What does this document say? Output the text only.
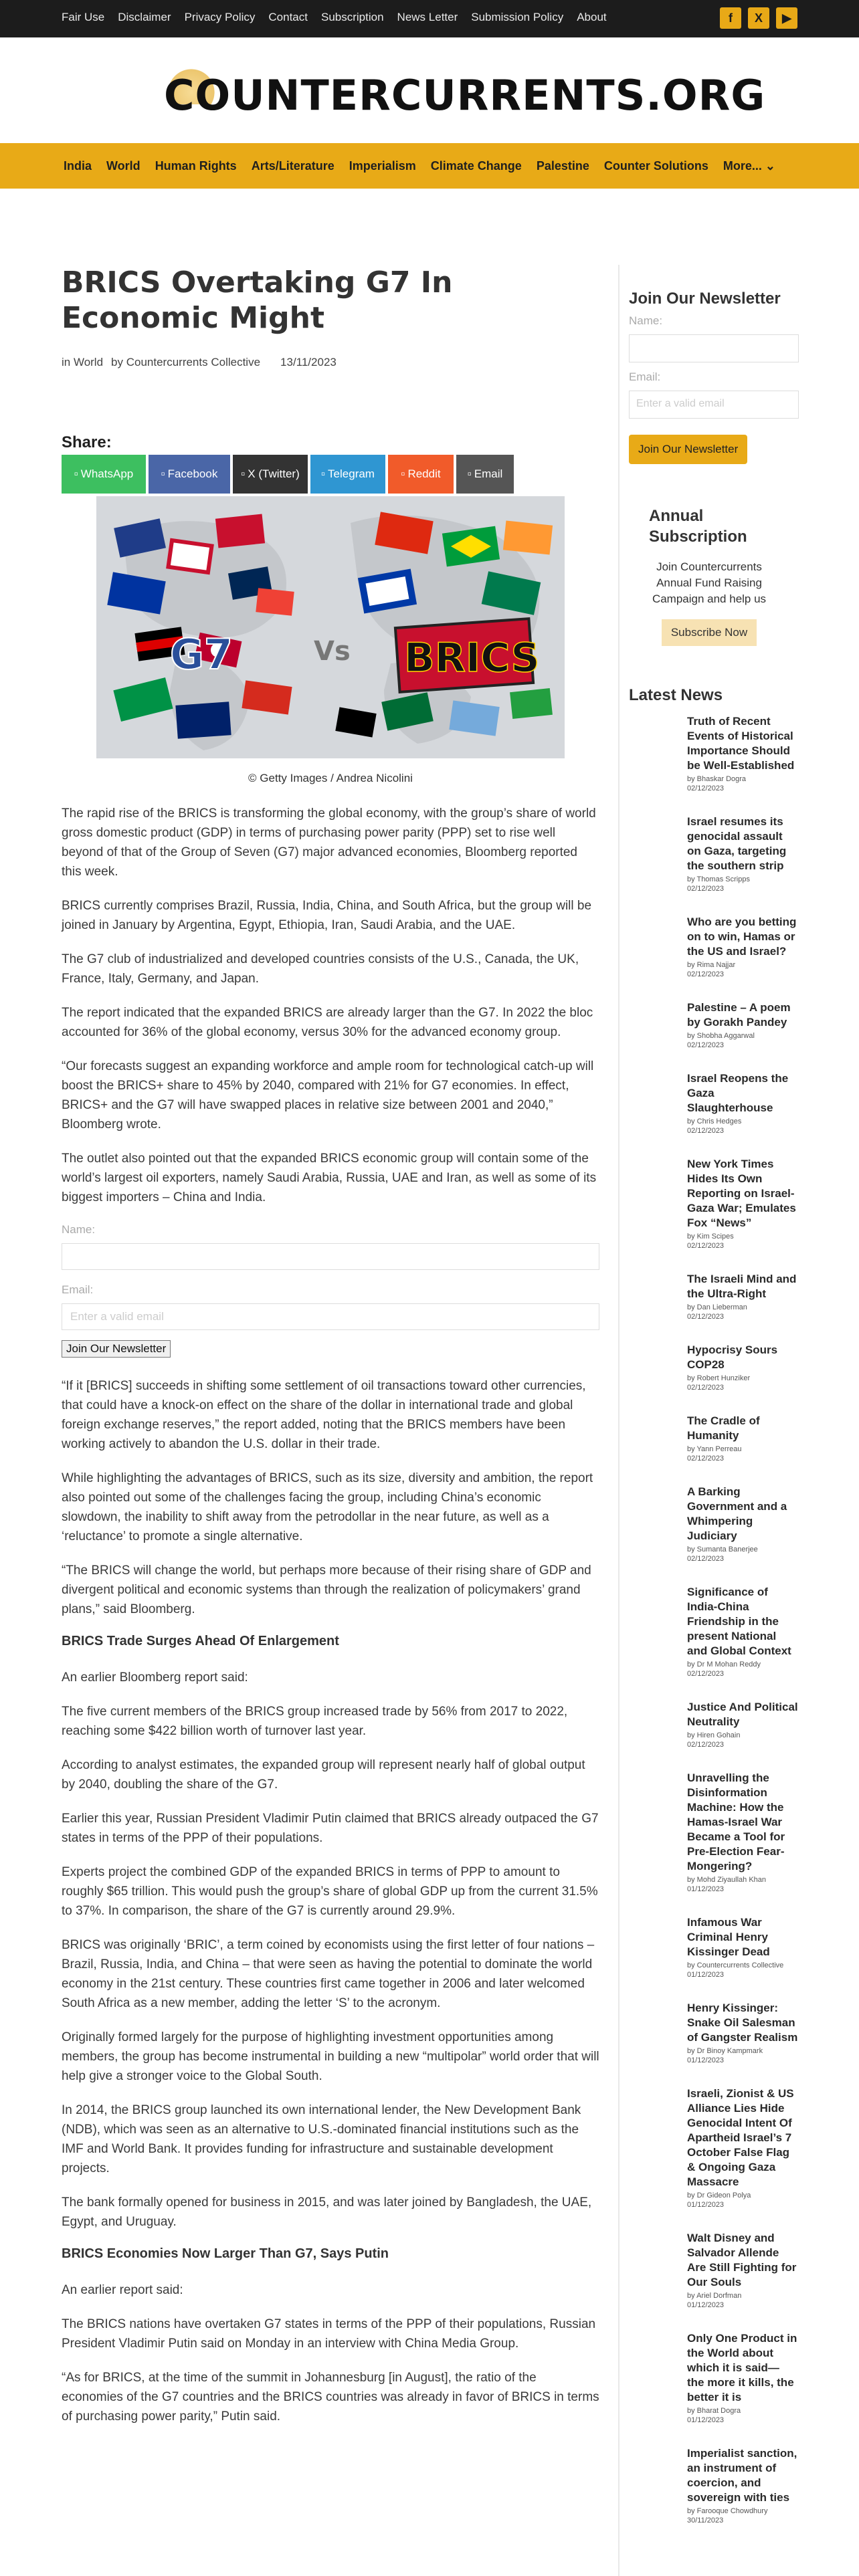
Fair Use Disclaimer Privacy Policy Contact Subscription News Letter Submission Policy About	f	X	▶
COUNTERCURRENTS.ORG
India World Human Rights Arts/Literature Imperialism Climate Change Palestine Counter Solutions More... ⌄
BRICS Overtaking G7 In Economic Might
in World by Countercurrents Collective 13/11/2023
Share:
▫ WhatsApp ▫ Facebook ▫ X (Twitter) ▫ Telegram ▫ Reddit ▫ Email
G7	Vs BRICS
© Getty Images / Andrea Nicolini

The rapid rise of the BRICS is transforming the global economy, with the group’s share of world gross domestic product (GDP) in terms of purchasing power parity (PPP) set to rise well beyond of that of the Group of Seven (G7) major advanced economies, Bloomberg reported this week.

BRICS currently comprises Brazil, Russia, India, China, and South Africa, but the group will be joined in January by Argentina, Egypt, Ethiopia, Iran, Saudi Arabia, and the UAE.

The G7 club of industrialized and developed countries consists of the U.S., Canada, the UK, France, Italy, Germany, and Japan.

The report indicated that the expanded BRICS are already larger than the G7. In 2022 the bloc accounted for 36% of the global economy, versus 30% for the advanced economy group.

“Our forecasts suggest an expanding workforce and ample room for technological catch-up will boost the BRICS+ share to 45% by 2040, compared with 21% for G7 economies. In effect, BRICS+ and the G7 will have swapped places in relative size between 2001 and 2040,” Bloomberg wrote.

The outlet also pointed out that the expanded BRICS economic group will contain some of the world’s largest oil exporters, namely Saudi Arabia, Russia, UAE and Iran, as well as some of its biggest importers – China and India.

Name:
Email:
Enter a valid email
Join Our Newsletter

“If it [BRICS] succeeds in shifting some settlement of oil transactions toward other currencies, that could have a knock-on effect on the share of the dollar in international trade and global foreign exchange reserves,” the report added, noting that the BRICS members have been working actively to abandon the U.S. dollar in their trade.

While highlighting the advantages of BRICS, such as its size, diversity and ambition, the report also pointed out some of the challenges facing the group, including China’s economic slowdown, the inability to shift away from the petrodollar in the near future, as well as a ‘reluctance’ to promote a single alternative.

“The BRICS will change the world, but perhaps more because of their rising share of GDP and divergent political and economic systems than through the realization of policymakers’ grand plans,” said Bloomberg.

BRICS Trade Surges Ahead Of Enlargement

An earlier Bloomberg report said:

The five current members of the BRICS group increased trade by 56% from 2017 to 2022, reaching some $422 billion worth of turnover last year.

According to analyst estimates, the expanded group will represent nearly half of global output by 2040, doubling the share of the G7.

Earlier this year, Russian President Vladimir Putin claimed that BRICS already outpaced the G7 states in terms of the PPP of their populations.

Experts project the combined GDP of the expanded BRICS in terms of PPP to amount to roughly $65 trillion. This would push the group’s share of global GDP up from the current 31.5% to 37%. In comparison, the share of the G7 is currently around 29.9%.

BRICS was originally ‘BRIC’, a term coined by economists using the first letter of four nations – Brazil, Russia, India, and China – that were seen as having the potential to dominate the world economy in the 21st century. These countries first came together in 2006 and later welcomed South Africa as a new member, adding the letter ‘S’ to the acronym.

Originally formed largely for the purpose of highlighting investment opportunities among members, the group has become instrumental in building a new “multipolar” world order that will help give a stronger voice to the Global South.

In 2014, the BRICS group launched its own international lender, the New Development Bank (NDB), which was seen as an alternative to U.S.-dominated financial institutions such as the IMF and World Bank. It provides funding for infrastructure and sustainable development projects.

The bank formally opened for business in 2015, and was later joined by Bangladesh, the UAE, Egypt, and Uruguay.

BRICS Economies Now Larger Than G7, Says Putin

An earlier report said:

The BRICS nations have overtaken G7 states in terms of the PPP of their populations, Russian President Vladimir Putin said on Monday in an interview with China Media Group.

“As for BRICS, at the time of the summit in Johannesburg [in August], the ratio of the economies of the G7 countries and the BRICS countries was already in favor of BRICS in terms of purchasing power parity,” Putin said.

Join Our Newsletter
Name:
Email:
Enter a valid email
Join Our Newsletter
Annual Subscription

Join Countercurrents Annual Fund Raising Campaign and help us

Subscribe Now
Latest News
Truth of Recent Events of Historical Importance Should be Well-Established
by Bhaskar Dogra
02/12/2023
Israel resumes its genocidal assault on Gaza, targeting the southern strip
by Thomas Scripps
02/12/2023
Who are you betting on to win, Hamas or the US and Israel?
by Rima Najjar
02/12/2023
Palestine – A poem by Gorakh Pandey
by Shobha Aggarwal
02/12/2023
Israel Reopens the Gaza Slaughterhouse
by Chris Hedges
02/12/2023
New York Times Hides Its Own Reporting on Israel-Gaza War; Emulates Fox “News”
by Kim Scipes
02/12/2023
The Israeli Mind and the Ultra-Right
by Dan Lieberman
02/12/2023
Hypocrisy Sours COP28
by Robert Hunziker
02/12/2023
The Cradle of Humanity
by Yann Perreau
02/12/2023
A Barking Government and a Whimpering Judiciary
by Sumanta Banerjee
02/12/2023
Significance of India-China Friendship in the present National and Global Context
by Dr M Mohan Reddy
02/12/2023
Justice And Political Neutrality
by Hiren Gohain
02/12/2023
Unravelling the Disinformation Machine: How the Hamas-Israel War Became a Tool for Pre-Election Fear-Mongering?
by Mohd Ziyaullah Khan
01/12/2023
Infamous War Criminal Henry Kissinger Dead
by Countercurrents Collective
01/12/2023
Henry Kissinger: Snake Oil Salesman of Gangster Realism
by Dr Binoy Kampmark
01/12/2023
Israeli, Zionist & US Alliance Lies Hide Genocidal Intent Of Apartheid Israel’s 7 October False Flag & Ongoing Gaza Massacre
by Dr Gideon Polya
01/12/2023
Walt Disney and Salvador Allende Are Still Fighting for Our Souls
by Ariel Dorfman
01/12/2023
Only One Product in the World about which it is said— the more it kills, the better it is
by Bharat Dogra
01/12/2023
Imperialist sanction, an instrument of coercion, and sovereign with ties
by Farooque Chowdhury
30/11/2023
